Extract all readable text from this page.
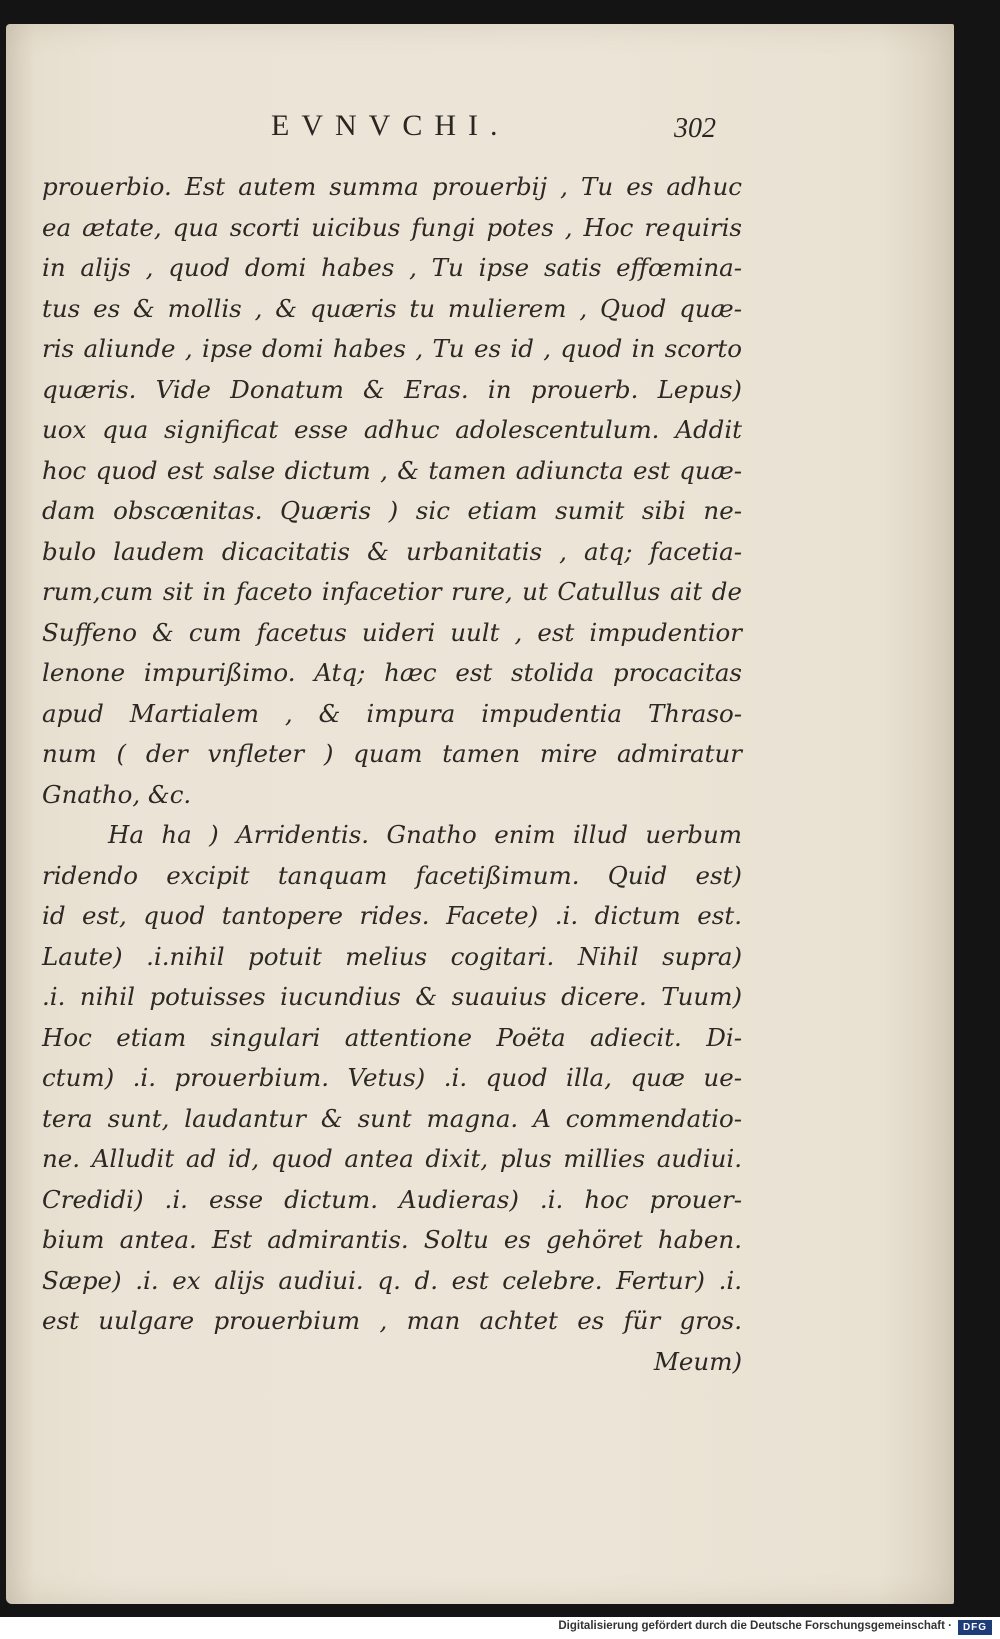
EVNVCHI.	302
prouerbio. Est autem summa prouerbij , Tu es adhuc
ea ætate, qua scorti uicibus fungi potes , Hoc requiris
in alijs , quod domi habes , Tu ipse satis effœmina-
tus es & mollis , & quæris tu mulierem , Quod quæ-
ris aliunde , ipse domi habes , Tu es id , quod in scorto
quæris. Vide Donatum & Eras. in prouerb. Lepus)
uox qua significat esse adhuc adolescentulum. Addit
hoc quod est salse dictum , & tamen adiuncta est quæ-
dam obscœnitas. Quæris ) sic etiam sumit sibi ne-
bulo laudem dicacitatis & urbanitatis , atq; facetia-
rum,cum sit in faceto infacetior rure, ut Catullus ait de
Suffeno & cum facetus uideri uult , est impudentior
lenone impurißimo. Atq; hæc est stolida procacitas
apud Martialem , & impura impudentia Thraso-
num ( der vnfleter ) quam tamen mire admiratur
Gnatho, &c.
Ha ha ) Arridentis. Gnatho enim illud uerbum
ridendo excipit tanquam facetißimum. Quid est)
id est, quod tantopere rides. Facete) .i. dictum est.
Laute) .i.nihil potuit melius cogitari. Nihil supra)
.i. nihil potuisses iucundius & suauius dicere. Tuum)
Hoc etiam singulari attentione Poëta adiecit. Di-
ctum) .i. prouerbium. Vetus) .i. quod illa, quæ ue-
tera sunt, laudantur & sunt magna. A commendatio-
ne. Alludit ad id, quod antea dixit, plus millies audiui.
Credidi) .i. esse dictum. Audieras) .i. hoc prouer-
bium antea. Est admirantis. Soltu es gehöret haben.
Sæpe) .i. ex alijs audiui. q. d. est celebre. Fertur) .i.
est uulgare prouerbium , man achtet es für gros.
Meum)
Digitalisierung gefördert durch die Deutsche Forschungsgemeinschaft ·	DFG
